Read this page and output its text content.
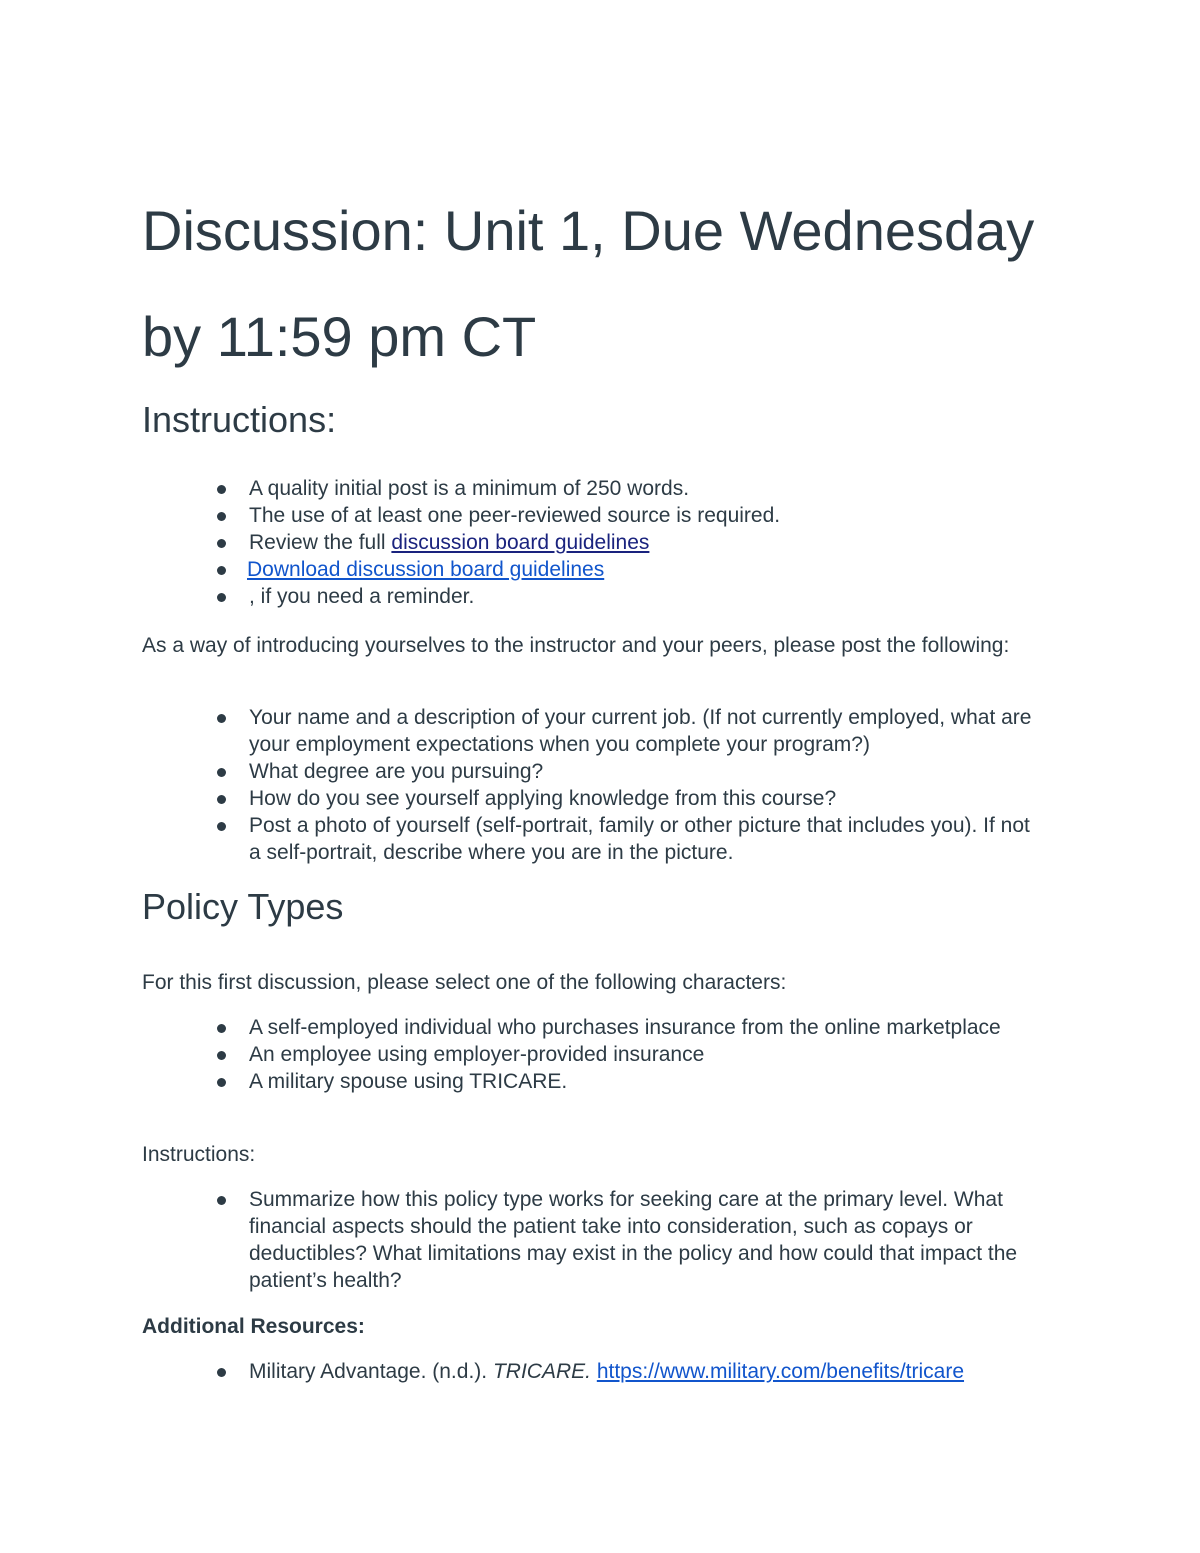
Discussion: Unit 1, Due Wednesday by 11:59 pm CT
Instructions:
A quality initial post is a minimum of 250 words.
The use of at least one peer-reviewed source is required.
Review the full discussion board guidelines
Download discussion board guidelines
, if you need a reminder.

As a way of introducing yourselves to the instructor and your peers, please post the following:

Your name and a description of your current job. (If not currently employed, what are your employment expectations when you complete your program?)
What degree are you pursuing?
How do you see yourself applying knowledge from this course?
Post a photo of yourself (self-portrait, family or other picture that includes you). If not a self-portrait, describe where you are in the picture.
Policy Types

For this first discussion, please select one of the following characters:

A self-employed individual who purchases insurance from the online marketplace
An employee using employer-provided insurance
A military spouse using TRICARE.

Instructions:

Summarize how this policy type works for seeking care at the primary level. What financial aspects should the patient take into consideration, such as copays or deductibles? What limitations may exist in the policy and how could that impact the patient’s health?

Additional Resources:

Military Advantage. (n.d.). TRICARE. https://www.military.com/benefits/tricare
